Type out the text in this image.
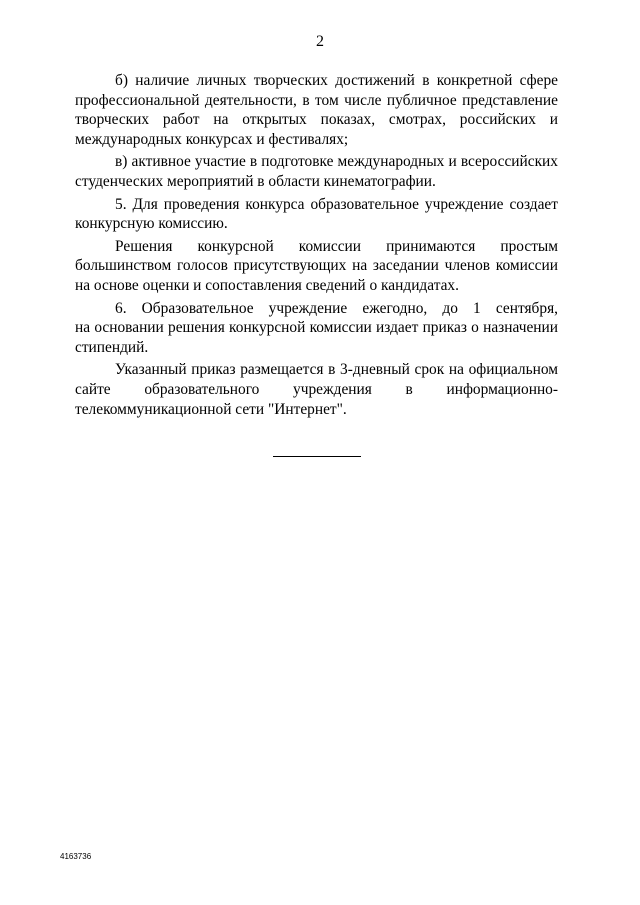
2
б) наличие личных творческих достижений в конкретной сфере
профессиональной деятельности, в том числе публичное представление
творческих работ на открытых показах, смотрах, российских и
международных конкурсах и фестивалях;
в) активное участие в подготовке международных и всероссийских
студенческих мероприятий в области кинематографии.
5. Для проведения конкурса образовательное учреждение создает
конкурсную комиссию.
Решения конкурсной комиссии принимаются простым
большинством голосов присутствующих на заседании членов комиссии
на основе оценки и сопоставления сведений о кандидатах.
6. Образовательное учреждение ежегодно, до 1 сентября,
на основании решения конкурсной комиссии издает приказ о назначении
стипендий.
Указанный приказ размещается в 3-дневный срок на официальном
сайте образовательного учреждения в информационно-
телекоммуникационной сети "Интернет".
4163736
